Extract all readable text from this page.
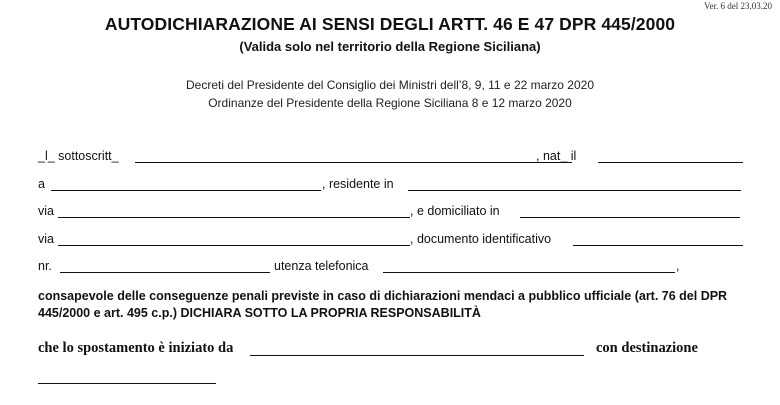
Ver. 6 del 23.03.20
AUTODICHIARAZIONE AI SENSI DEGLI ARTT. 46 E 47 DPR 445/2000
(Valida solo nel territorio della Regione Siciliana)
Decreti del Presidente del Consiglio dei Ministri dell’8, 9, 11 e 22 marzo 2020
Ordinanze del Presidente della Regione Siciliana 8 e 12 marzo 2020
_l_ sottoscritt_	, nat_ il
a	, residente in
via	, e domiciliato in
via	, documento identificativo
nr.	utenza telefonica	,
consapevole delle conseguenze penali previste in caso di dichiarazioni mendaci a pubblico ufficiale (art. 76 del DPR 445/2000 e art. 495 c.p.) DICHIARA SOTTO LA PROPRIA RESPONSABILITÀ
che lo spostamento è iniziato da	con destinazione
